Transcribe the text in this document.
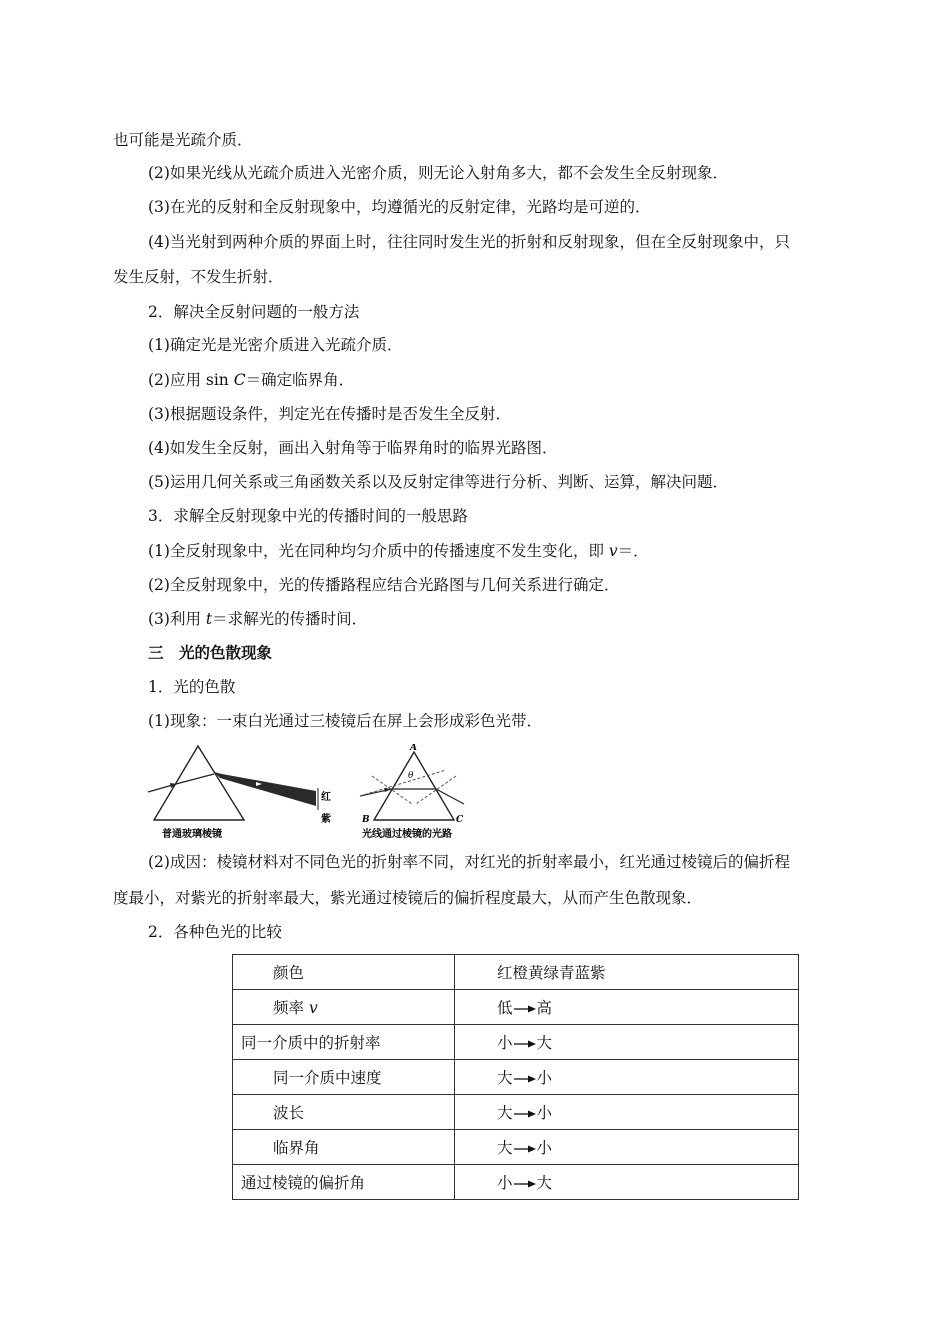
也可能是光疏介质．
(2)如果光线从光疏介质进入光密介质，则无论入射角多大，都不会发生全反射现象．
(3)在光的反射和全反射现象中，均遵循光的反射定律，光路均是可逆的．
(4)当光射到两种介质的界面上时，往往同时发生光的折射和反射现象，但在全反射现象中，只
发生反射，不发生折射．
2．解决全反射问题的一般方法
(1)确定光是光密介质进入光疏介质．
(2)应用 sin C＝确定临界角．
(3)根据题设条件，判定光在传播时是否发生全反射．
(4)如发生全反射，画出入射角等于临界角时的临界光路图．
(5)运用几何关系或三角函数关系以及反射定律等进行分析、判断、运算，解决问题．
3．求解全反射现象中光的传播时间的一般思路
(1)全反射现象中，光在同种均匀介质中的传播速度不发生变化，即 v＝．
(2)全反射现象中，光的传播路程应结合光路图与几何关系进行确定．
(3)利用 t＝求解光的传播时间．
三　光的色散现象
1．光的色散
(1)现象：一束白光通过三棱镜后在屏上会形成彩色光带．
红
紫
普通玻璃棱镜
A
B	C
θ
光线通过棱镜的光路
(2)成因：棱镜材料对不同色光的折射率不同，对红光的折射率最小，红光通过棱镜后的偏折程
度最小，对紫光的折射率最大，紫光通过棱镜后的偏折程度最大，从而产生色散现象．
2．各种色光的比较
颜色	红橙黄绿青蓝紫
频率 v	低 高
同一介质中的折射率	小 大
同一介质中速度	大 小
波长	大 小
临界角	大 小
通过棱镜的偏折角	小 大
